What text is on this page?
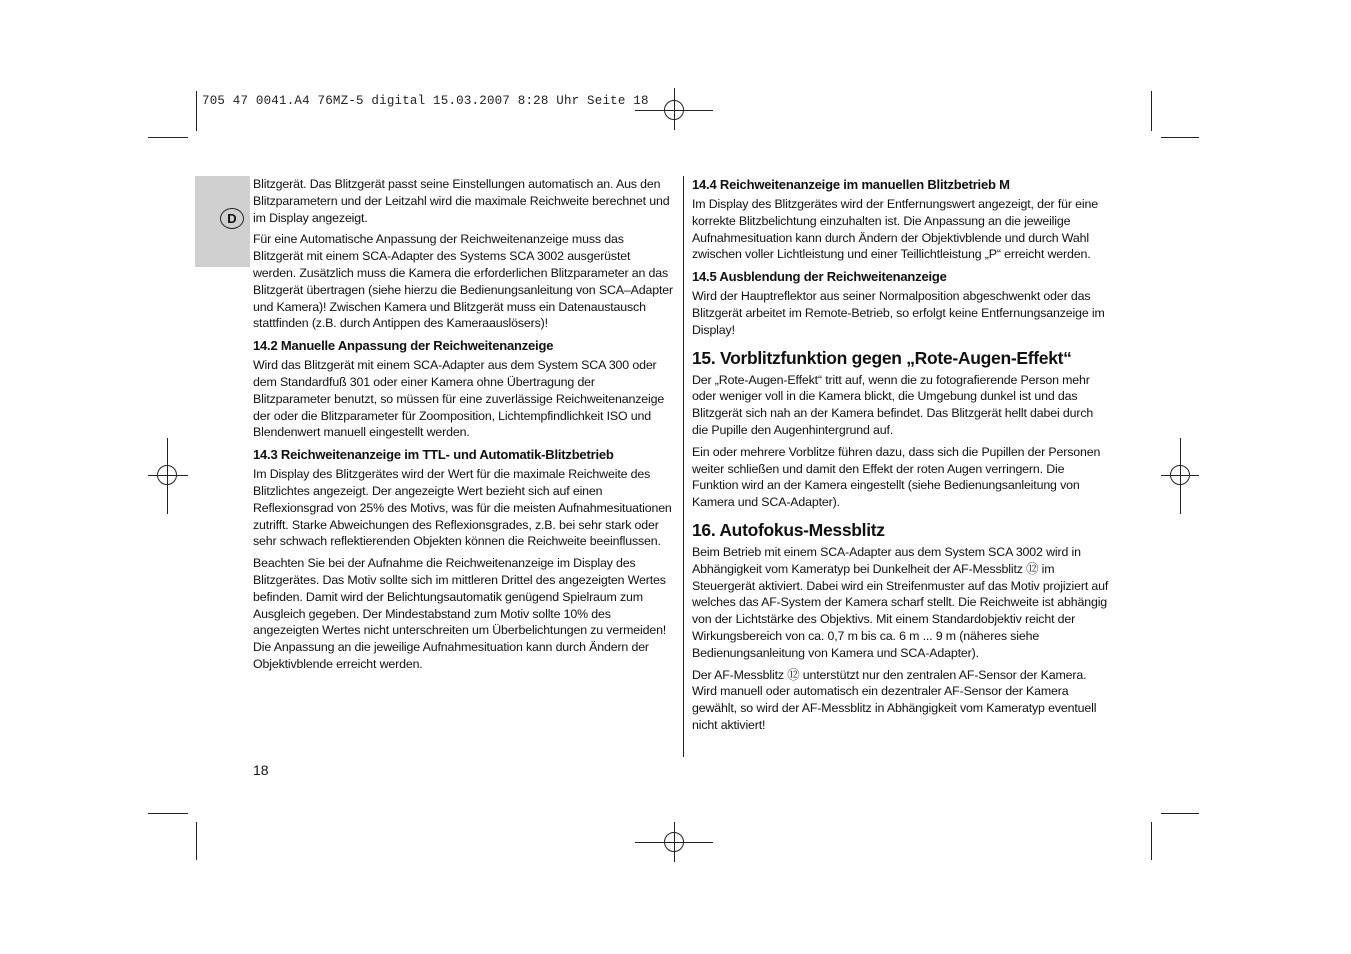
705 47 0041.A4 76MZ-5 digital 15.03.2007 8:28 Uhr Seite 18
D

Blitzgerät. Das Blitzgerät passt seine Einstellungen automatisch an. Aus den Blitzparametern und der Leitzahl wird die maximale Reichweite berechnet und im Display angezeigt.

Für eine Automatische Anpassung der Reichweitenanzeige muss das Blitzgerät mit einem SCA-Adapter des Systems SCA 3002 ausgerüstet werden. Zusätzlich muss die Kamera die erforderlichen Blitzparameter an das Blitzgerät übertragen (siehe hierzu die Bedienungsanleitung von SCA–Adapter und Kamera)! Zwischen Kamera und Blitzgerät muss ein Datenaustausch stattfinden (z.B. durch Antippen des Kameraauslösers)!

14.2 Manuelle Anpassung der Reichweitenanzeige

Wird das Blitzgerät mit einem SCA-Adapter aus dem System SCA 300 oder dem Standardfuß 301 oder einer Kamera ohne Übertragung der Blitzparameter benutzt, so müssen für eine zuverlässige Reichweitenanzeige der oder die Blitzparameter für Zoomposition, Lichtempfindlichkeit ISO und Blendenwert manuell eingestellt werden.

14.3 Reichweitenanzeige im TTL- und Automatik-Blitzbetrieb

Im Display des Blitzgerätes wird der Wert für die maximale Reichweite des Blitzlichtes angezeigt. Der angezeigte Wert bezieht sich auf einen Reflexionsgrad von 25% des Motivs, was für die meisten Aufnahmesituationen zutrifft. Starke Abweichungen des Reflexionsgrades, z.B. bei sehr stark oder sehr schwach reflektierenden Objekten können die Reichweite beeinflussen.

Beachten Sie bei der Aufnahme die Reichweitenanzeige im Display des Blitzgerätes. Das Motiv sollte sich im mittleren Drittel des angezeigten Wertes befinden. Damit wird der Belichtungsautomatik genügend Spielraum zum Ausgleich gegeben. Der Mindestabstand zum Motiv sollte 10% des angezeigten Wertes nicht unterschreiten um Überbelichtungen zu vermeiden! Die Anpassung an die jeweilige Aufnahmesituation kann durch Ändern der Objektivblende erreicht werden.

14.4 Reichweitenanzeige im manuellen Blitzbetrieb M

Im Display des Blitzgerätes wird der Entfernungswert angezeigt, der für eine korrekte Blitzbelichtung einzuhalten ist. Die Anpassung an die jeweilige Aufnahmesituation kann durch Ändern der Objektivblende und durch Wahl zwischen voller Lichtleistung und einer Teillichtleistung „P“ erreicht werden.

14.5 Ausblendung der Reichweitenanzeige

Wird der Hauptreflektor aus seiner Normalposition abgeschwenkt oder das Blitzgerät arbeitet im Remote-Betrieb, so erfolgt keine Entfernungsanzeige im Display!

15. Vorblitzfunktion gegen „Rote-Augen-Effekt“

Der „Rote-Augen-Effekt“ tritt auf, wenn die zu fotografierende Person mehr oder weniger voll in die Kamera blickt, die Umgebung dunkel ist und das Blitzgerät sich nah an der Kamera befindet. Das Blitzgerät hellt dabei durch die Pupille den Augenhintergrund auf.

Ein oder mehrere Vorblitze führen dazu, dass sich die Pupillen der Personen weiter schließen und damit den Effekt der roten Augen verringern. Die Funktion wird an der Kamera eingestellt (siehe Bedienungsanleitung von Kamera und SCA-Adapter).

16. Autofokus-Messblitz

Beim Betrieb mit einem SCA-Adapter aus dem System SCA 3002 wird in Abhängigkeit vom Kameratyp bei Dunkelheit der AF-Messblitz ⑫ im Steuergerät aktiviert. Dabei wird ein Streifenmuster auf das Motiv projiziert auf welches das AF-System der Kamera scharf stellt. Die Reichweite ist abhängig von der Lichtstärke des Objektivs. Mit einem Standardobjektiv reicht der Wirkungsbereich von ca. 0,7 m bis ca. 6 m ... 9 m (näheres siehe Bedienungsanleitung von Kamera und SCA-Adapter).

Der AF-Messblitz ⑫ unterstützt nur den zentralen AF-Sensor der Kamera. Wird manuell oder automatisch ein dezentraler AF-Sensor der Kamera gewählt, so wird der AF-Messblitz in Abhängigkeit vom Kameratyp eventuell nicht aktiviert!

18
